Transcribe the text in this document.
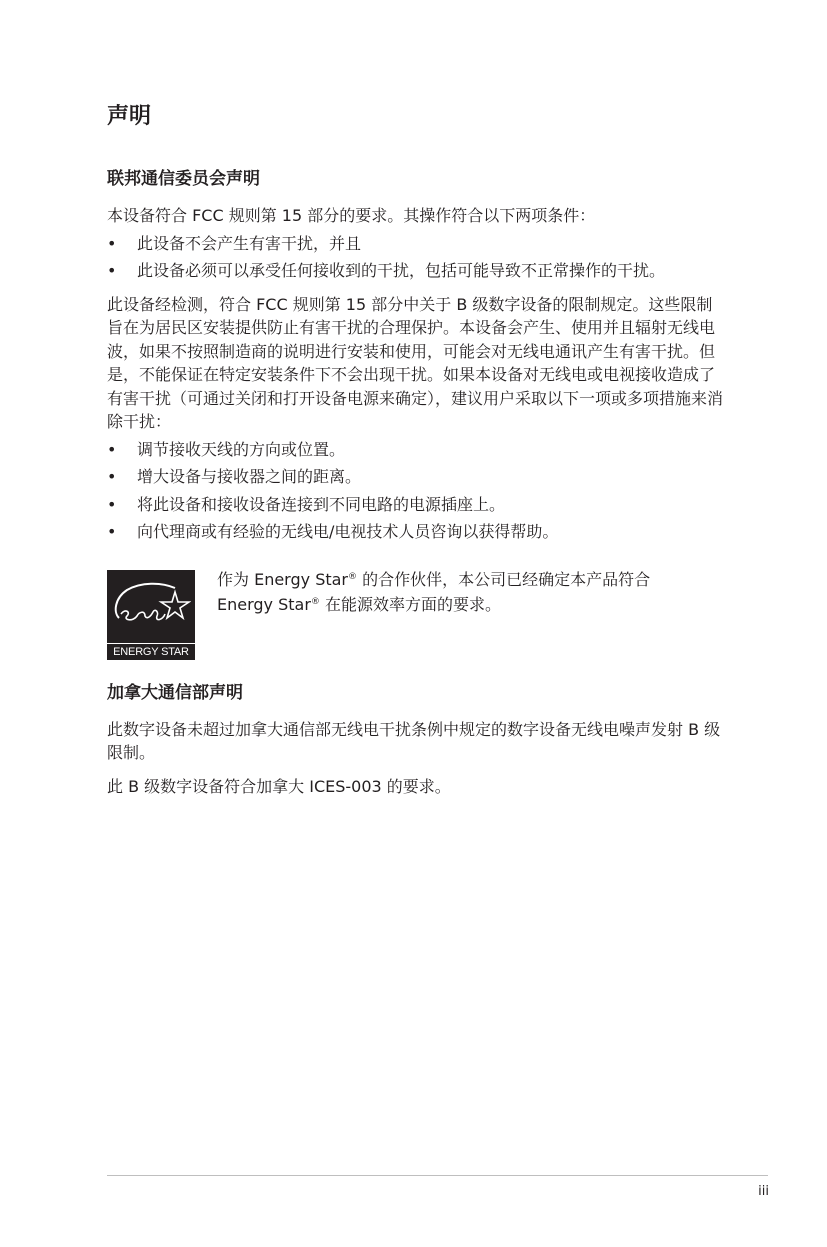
声明
联邦通信委员会声明

本设备符合 FCC 规则第 15 部分的要求。其操作符合以下两项条件：

• 此设备不会产生有害干扰，并且
• 此设备必须可以承受任何接收到的干扰，包括可能导致不正常操作的干扰。

此设备经检测，符合 FCC 规则第 15 部分中关于 B 级数字设备的限制规定。这些限制旨在为居民区安装提供防止有害干扰的合理保护。本设备会产生、使用并且辐射无线电波，如果不按照制造商的说明进行安装和使用，可能会对无线电通讯产生有害干扰。但是，不能保证在特定安装条件下不会出现干扰。如果本设备对无线电或电视接收造成了有害干扰（可通过关闭和打开设备电源来确定），建议用户采取以下一项或多项措施来消除干扰：

• 调节接收天线的方向或位置。
• 增大设备与接收器之间的距离。
• 将此设备和接收设备连接到不同电路的电源插座上。
• 向代理商或有经验的无线电/电视技术人员咨询以获得帮助。
ENERGY STAR
作为 Energy Star® 的合作伙伴，本公司已经确定本产品符合
Energy Star® 在能源效率方面的要求。
加拿大通信部声明

此数字设备未超过加拿大通信部无线电干扰条例中规定的数字设备无线电噪声发射 B 级限制。

此 B 级数字设备符合加拿大 ICES-003 的要求。

iii
